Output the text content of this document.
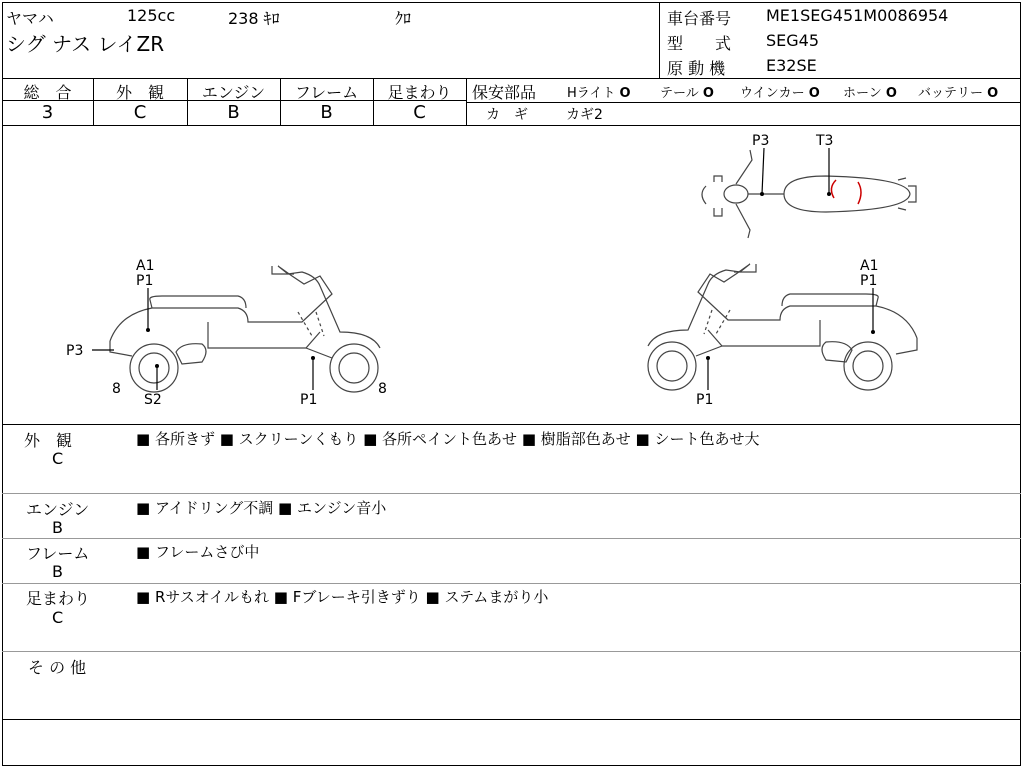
ヤマハ	125cc	238 ｷﾛ	ｸﾛ
シグ ナス レイZR
車台番号 ME1SEG451M0086954
型　　式 SEG45
原 動 機	E32SE
総　合
3
外　観
C
エンジン
B
フレーム
B
足まわり
C
保安部品 Hライト O テール O ウインカー O ホーン O バッテリー O
カ　ギ	カギ2
A1
P1
P3
8
S2	P1
8
A1
P1
P1
P3	T3
外　観
C
■ 各所きず ■ スクリーンくもり ■ 各所ペイント色あせ ■ 樹脂部色あせ ■ シート色あせ大
エンジン
B
■ アイドリング不調 ■ エンジン音小
フレーム
B
■ フレームさび中
足まわり
C
■ Rサスオイルもれ ■ Fブレーキ引きずり ■ ステムまがり小
そ の 他
